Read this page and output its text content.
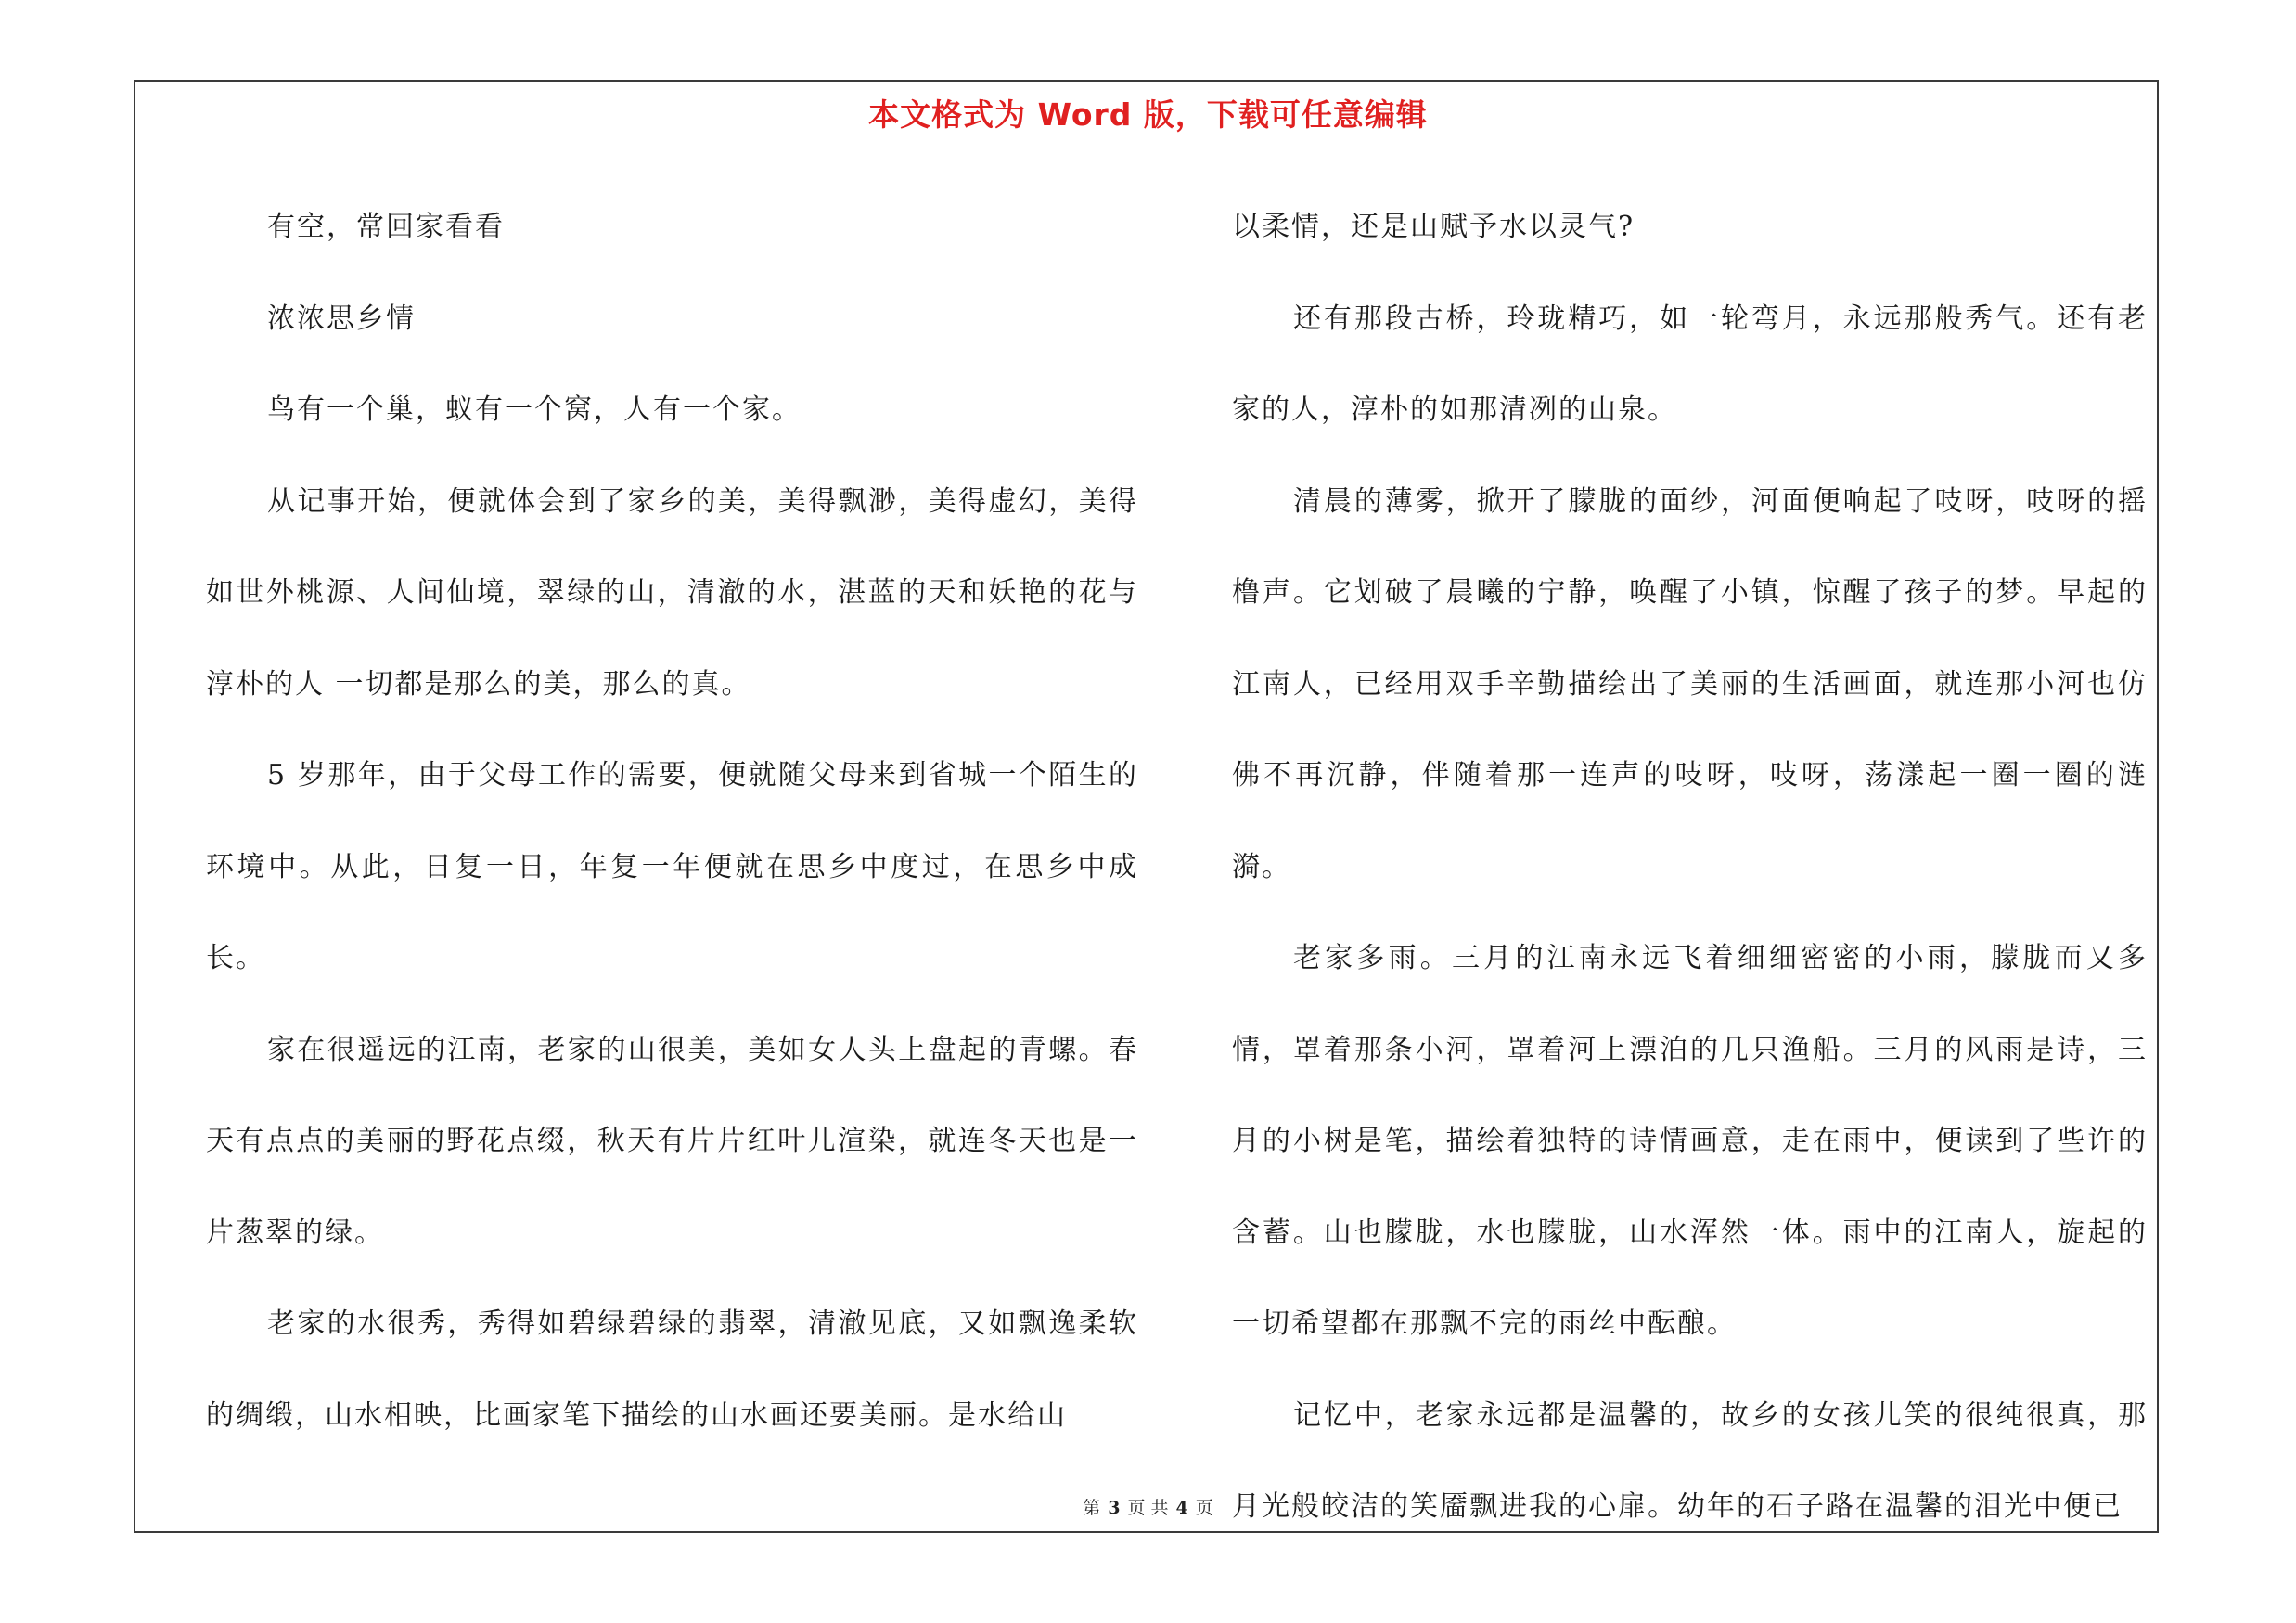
本文格式为 Word 版，下载可任意编辑

有空，常回家看看

浓浓思乡情

鸟有一个巢，蚁有一个窝，人有一个家。

从记事开始，便就体会到了家乡的美，美得飘渺，美得虚幻，美得如世外桃源、人间仙境，翠绿的山，清澈的水，湛蓝的天和妖艳的花与淳朴的人 一切都是那么的美，那么的真。

5 岁那年，由于父母工作的需要，便就随父母来到省城一个陌生的环境中。从此，日复一日，年复一年便就在思乡中度过，在思乡中成长。

家在很遥远的江南，老家的山很美，美如女人头上盘起的青螺。春天有点点的美丽的野花点缀，秋天有片片红叶儿渲染，就连冬天也是一片葱翠的绿。

老家的水很秀，秀得如碧绿碧绿的翡翠，清澈见底，又如飘逸柔软的绸缎，山水相映，比画家笔下描绘的山水画还要美丽。是水给山

以柔情，还是山赋予水以灵气?

还有那段古桥，玲珑精巧，如一轮弯月，永远那般秀气。还有老家的人，淳朴的如那清冽的山泉。

清晨的薄雾，掀开了朦胧的面纱，河面便响起了吱呀，吱呀的摇橹声。它划破了晨曦的宁静，唤醒了小镇，惊醒了孩子的梦。早起的江南人，已经用双手辛勤描绘出了美丽的生活画面，就连那小河也仿佛不再沉静，伴随着那一连声的吱呀，吱呀，荡漾起一圈一圈的涟漪。

老家多雨。三月的江南永远飞着细细密密的小雨，朦胧而又多情，罩着那条小河，罩着河上漂泊的几只渔船。三月的风雨是诗，三月的小树是笔，描绘着独特的诗情画意，走在雨中，便读到了些许的含蓄。山也朦胧，水也朦胧，山水浑然一体。雨中的江南人，旋起的一切希望都在那飘不完的雨丝中酝酿。

记忆中，老家永远都是温馨的，故乡的女孩儿笑的很纯很真，那月光般皎洁的笑靥飘进我的心扉。幼年的石子路在温馨的泪光中便已

第 3 页 共 4 页
